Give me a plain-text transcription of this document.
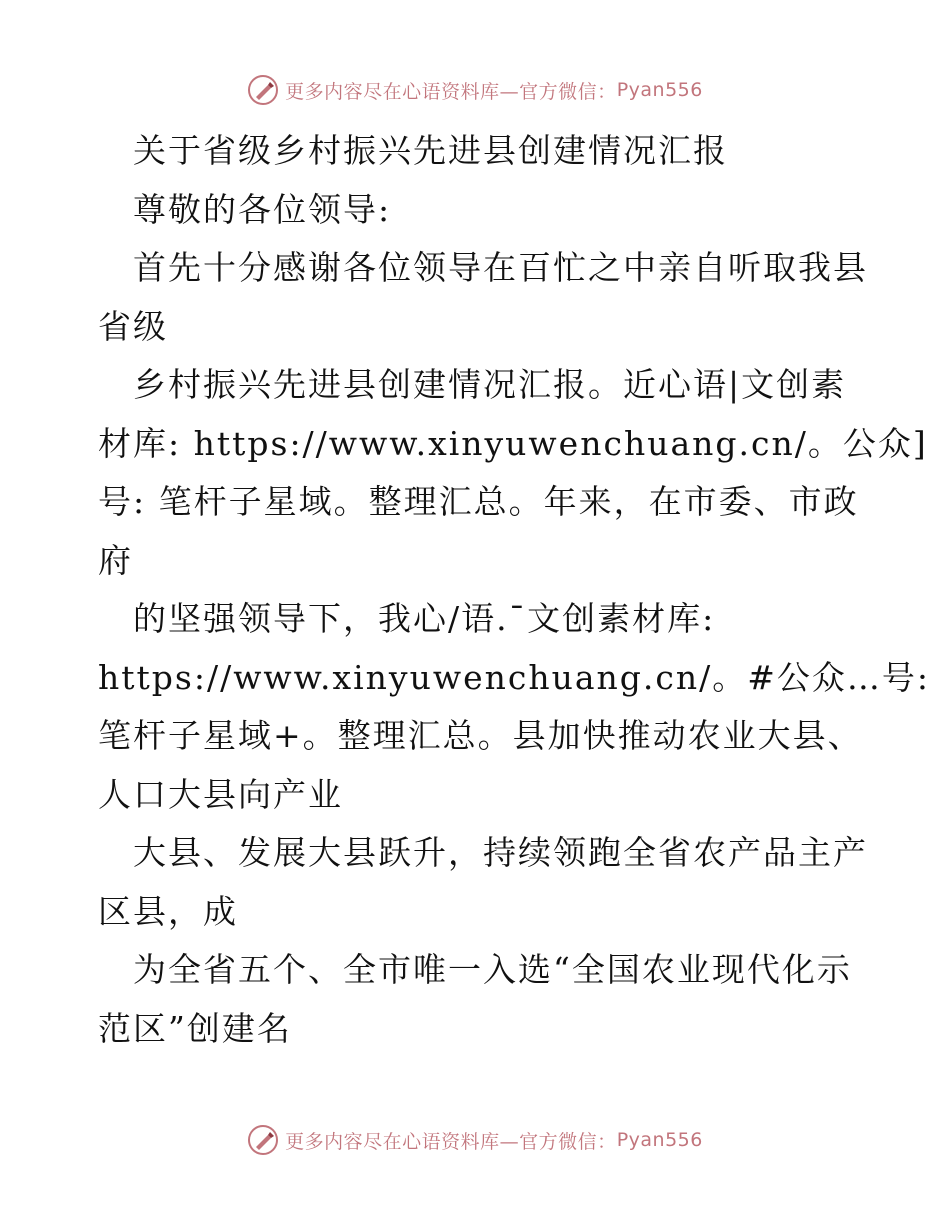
更多内容尽在心语资料库— 官方微信： Pyan556

　关于省级乡村振兴先进县创建情况汇报

　尊敬的各位领导:

　首先十分感谢各位领导在百忙之中亲自听取我县

省级

　乡村振兴先进县创建情况汇报。近心语|文创素

材库: https://www.xinyuwenchuang.cn/。公众]

号: 笔杆子星域。整理汇总。年来，在市委、市政

府

　的坚强领导下，我心/语.¯文创素材库:

https://www.xinyuwenchuang.cn/。#公众…号:

笔杆子星域+。整理汇总。县加快推动农业大县、

人口大县向产业

　大县、发展大县跃升，持续领跑全省农产品主产

区县，成

　为全省五个、全市唯一入选“全国农业现代化示

范区”创建名

更多内容尽在心语资料库— 官方微信： Pyan556
